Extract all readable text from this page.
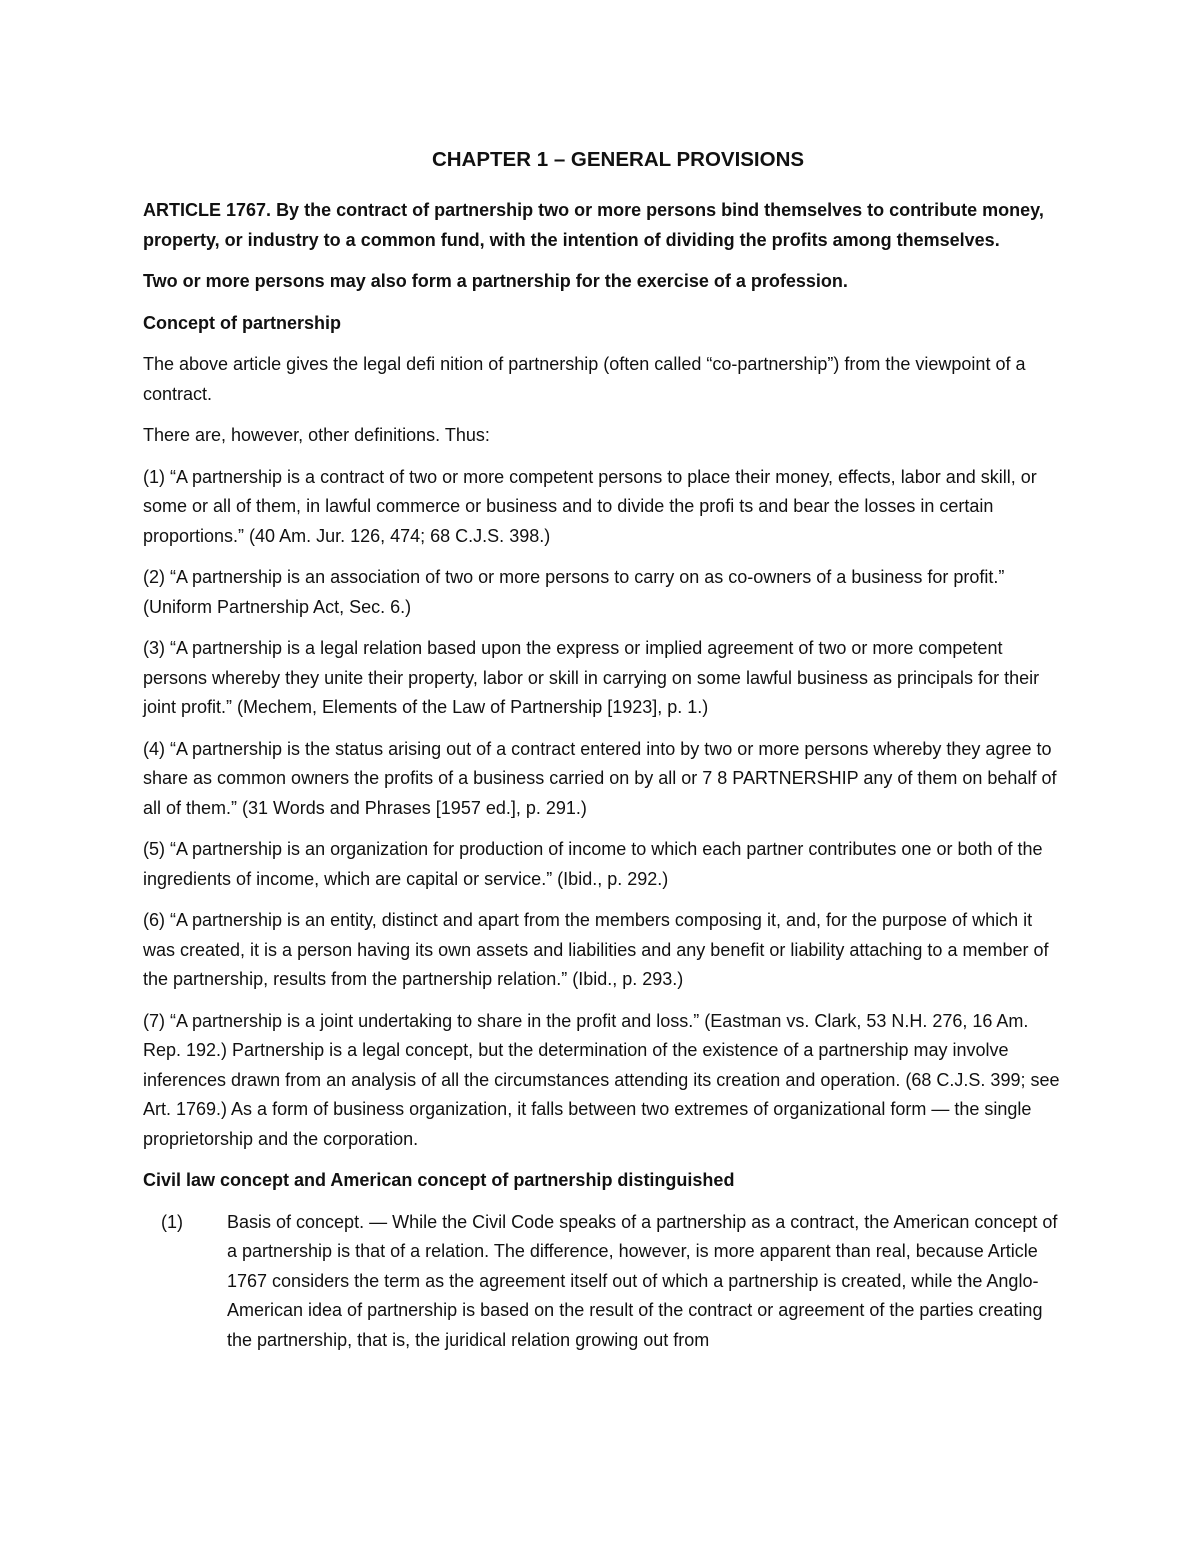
CHAPTER 1 – GENERAL PROVISIONS

ARTICLE 1767. By the contract of partnership two or more persons bind themselves to contribute money, property, or industry to a common fund, with the intention of dividing the profits among themselves.

Two or more persons may also form a partnership for the exercise of a profession.

Concept of partnership

The above article gives the legal defi nition of partnership (often called “co-partnership”) from the viewpoint of a contract.

There are, however, other definitions. Thus:

(1) “A partnership is a contract of two or more competent persons to place their money, effects, labor and skill, or some or all of them, in lawful commerce or business and to divide the profi ts and bear the losses in certain proportions.” (40 Am. Jur. 126, 474; 68 C.J.S. 398.)

(2) “A partnership is an association of two or more persons to carry on as co-owners of a business for profit.” (Uniform Partnership Act, Sec. 6.)

(3) “A partnership is a legal relation based upon the express or implied agreement of two or more competent persons whereby they unite their property, labor or skill in carrying on some lawful business as principals for their joint profit.” (Mechem, Elements of the Law of Partnership [1923], p. 1.)

(4) “A partnership is the status arising out of a contract entered into by two or more persons whereby they agree to share as common owners the profits of a business carried on by all or 7 8 PARTNERSHIP any of them on behalf of all of them.” (31 Words and Phrases [1957 ed.], p. 291.)

(5) “A partnership is an organization for production of income to which each partner contributes one or both of the ingredients of income, which are capital or service.” (Ibid., p. 292.)

(6) “A partnership is an entity, distinct and apart from the members composing it, and, for the purpose of which it was created, it is a person having its own assets and liabilities and any benefit or liability attaching to a member of the partnership, results from the partnership relation.” (Ibid., p. 293.)

(7) “A partnership is a joint undertaking to share in the profit and loss.” (Eastman vs. Clark, 53 N.H. 276, 16 Am. Rep. 192.) Partnership is a legal concept, but the determination of the existence of a partnership may involve inferences drawn from an analysis of all the circumstances attending its creation and operation. (68 C.J.S. 399; see Art. 1769.) As a form of business organization, it falls between two extremes of organizational form — the single proprietorship and the corporation.

Civil law concept and American concept of partnership distinguished

(1) Basis of concept. — While the Civil Code speaks of a partnership as a contract, the American concept of a partnership is that of a relation. The difference, however, is more apparent than real, because Article 1767 considers the term as the agreement itself out of which a partnership is created, while the Anglo-American idea of partnership is based on the result of the contract or agreement of the parties creating the partnership, that is, the juridical relation growing out from
